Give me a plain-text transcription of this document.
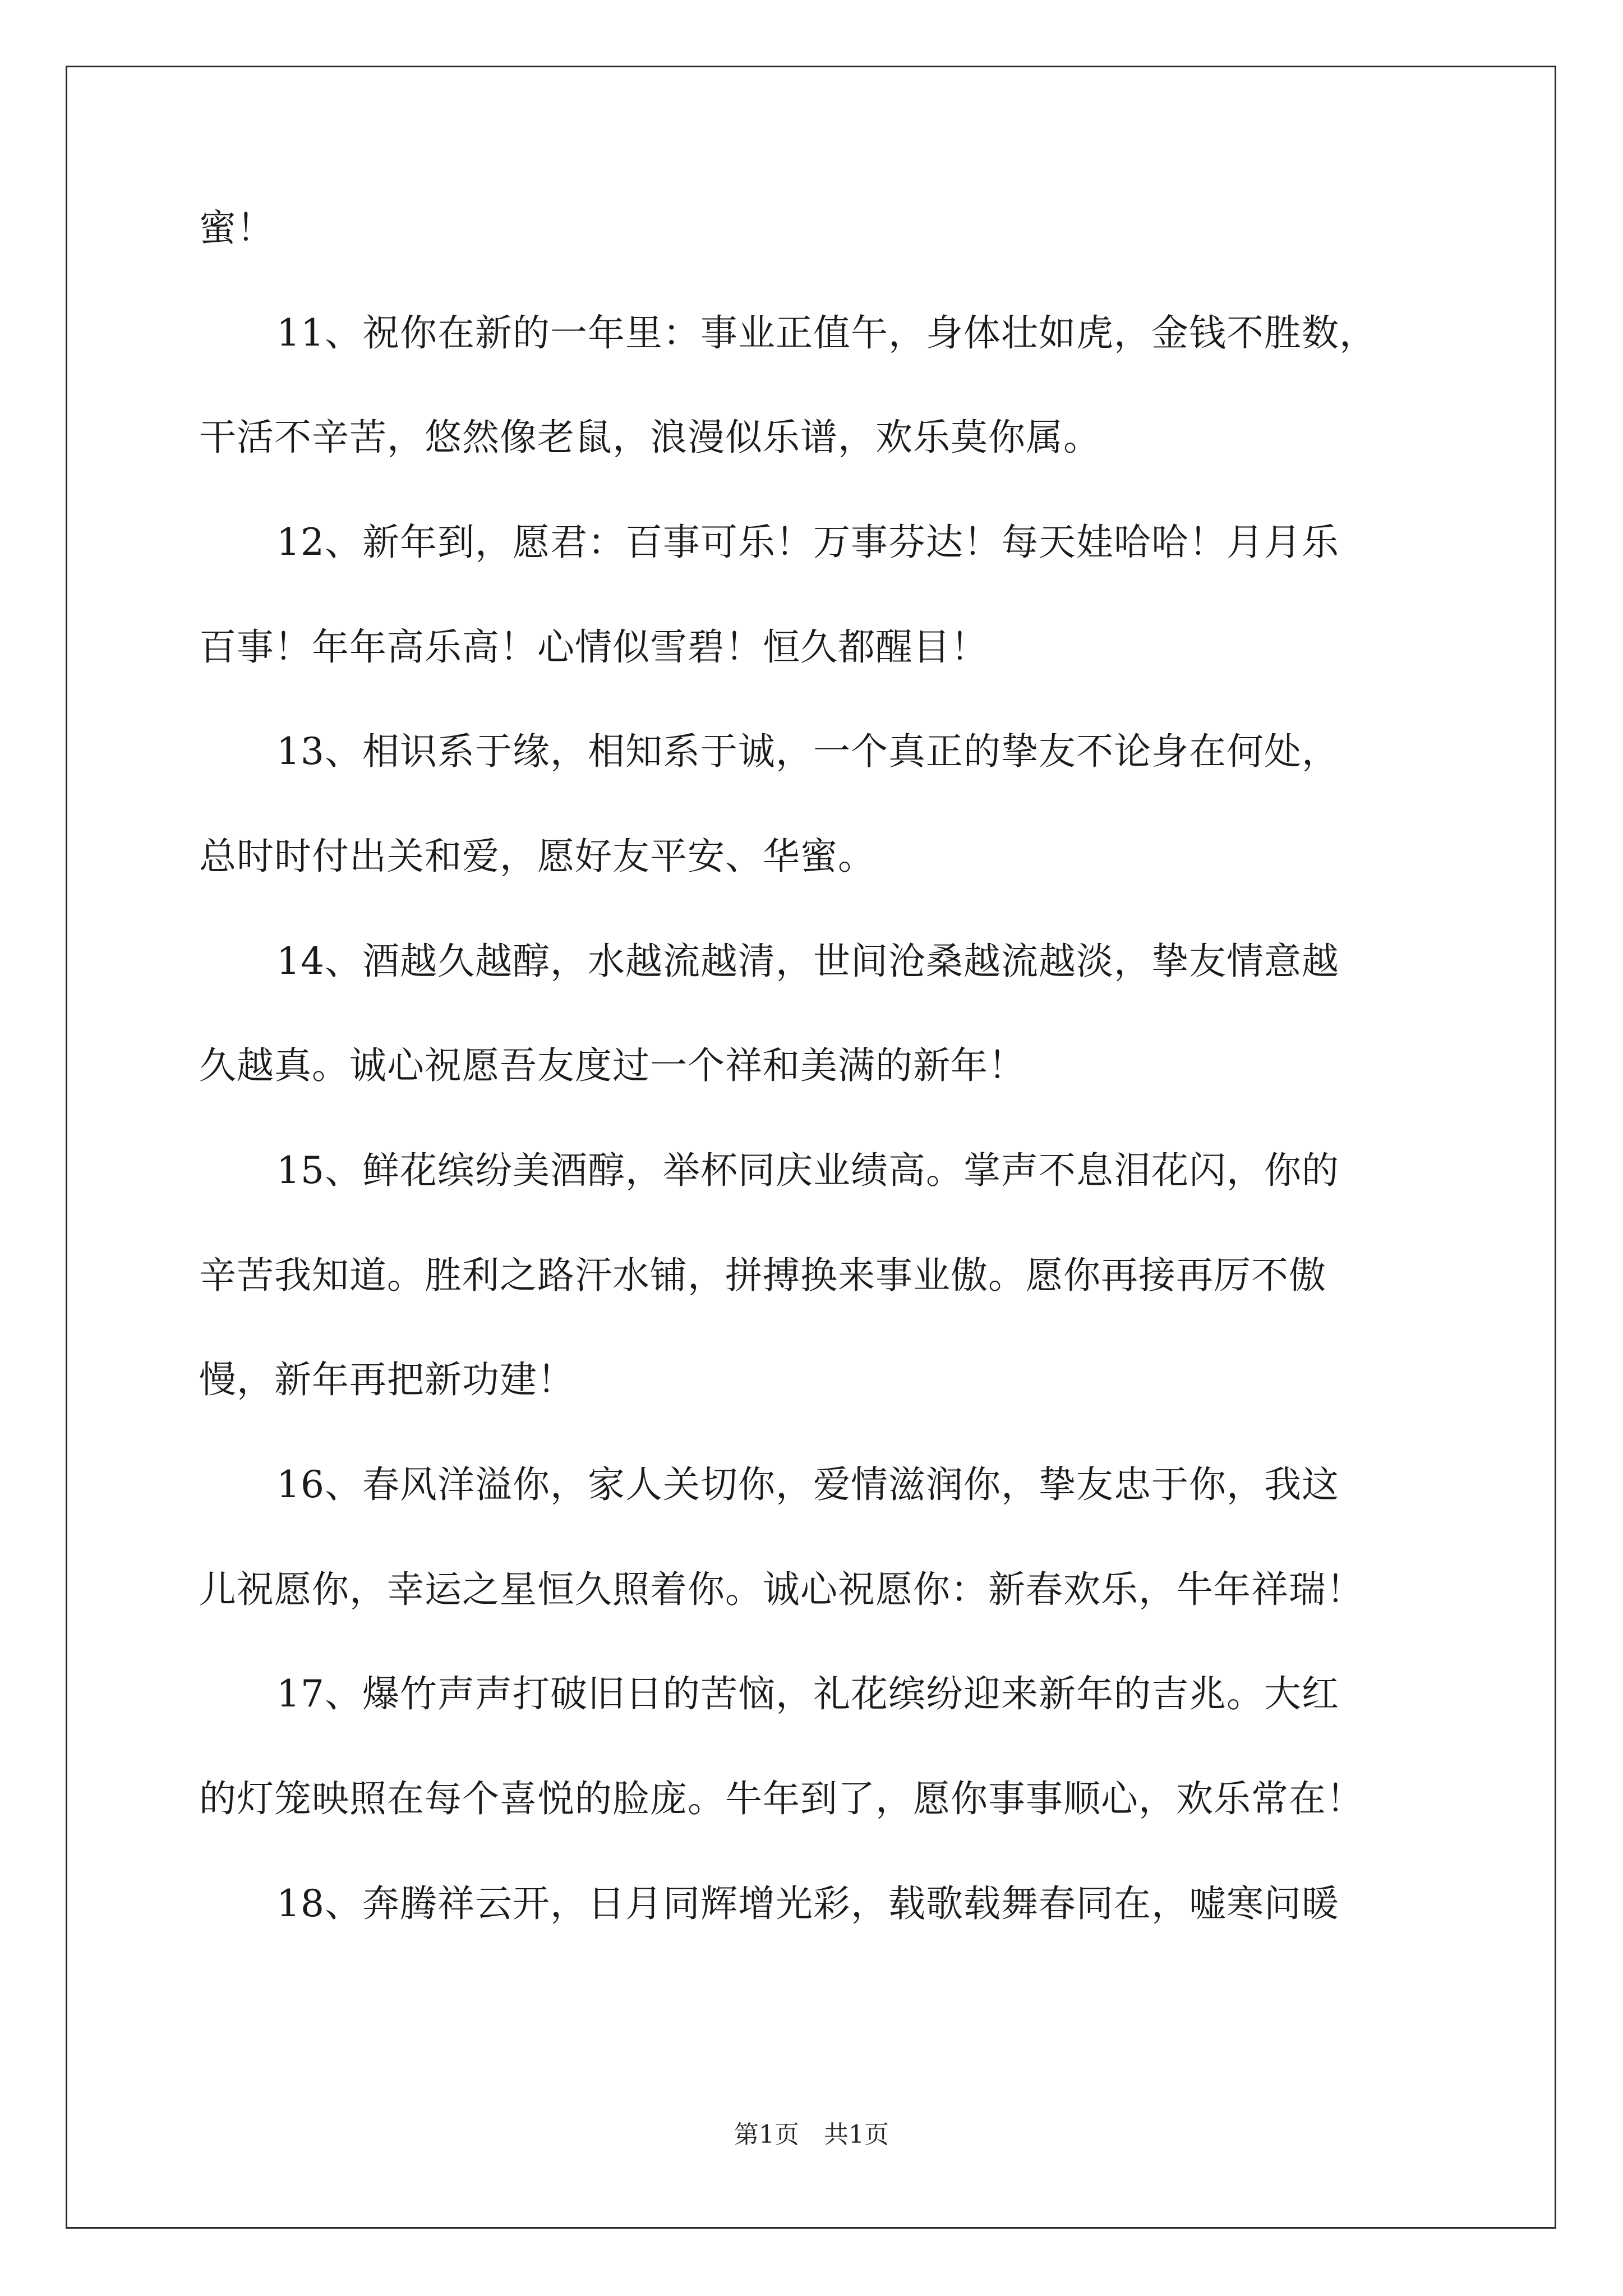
蜜！
11、祝你在新的一年里：事业正值午，身体壮如虎，金钱不胜数，
干活不辛苦，悠然像老鼠，浪漫似乐谱，欢乐莫你属。
12、新年到，愿君：百事可乐！万事芬达！每天娃哈哈！月月乐
百事！年年高乐高！心情似雪碧！恒久都醒目！
13、相识系于缘，相知系于诚，一个真正的挚友不论身在何处，
总时时付出关和爱，愿好友平安、华蜜。
14、酒越久越醇，水越流越清，世间沧桑越流越淡，挚友情意越
久越真。诚心祝愿吾友度过一个祥和美满的新年！
15、鲜花缤纷美酒醇，举杯同庆业绩高。掌声不息泪花闪，你的
辛苦我知道。胜利之路汗水铺，拼搏换来事业傲。愿你再接再厉不傲
慢，新年再把新功建！
16、春风洋溢你，家人关切你，爱情滋润你，挚友忠于你，我这
儿祝愿你，幸运之星恒久照着你。诚心祝愿你：新春欢乐，牛年祥瑞！
17、爆竹声声打破旧日的苦恼，礼花缤纷迎来新年的吉兆。大红
的灯笼映照在每个喜悦的脸庞。牛年到了，愿你事事顺心，欢乐常在！
18、奔腾祥云开，日月同辉增光彩，载歌载舞春同在，嘘寒问暖
第1页　共1页
